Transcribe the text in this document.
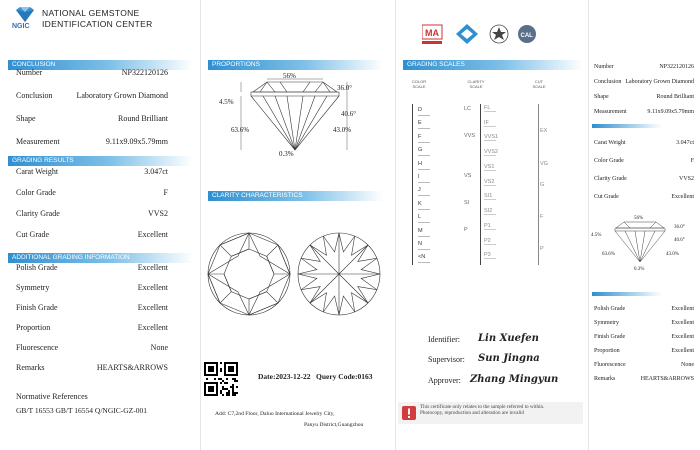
NGIC
NATIONAL GEMSTONE
IDENTIFICATION CENTER
CONCLUSION
Number	NP322120126
Conclusion	Laboratory Grown Diamond
Shape	Round Brilliant
Measurement	9.11x9.09x5.79mm
GRADING RESULTS
Carat Weight	3.047ct
Color Grade	F
Clarity Grade	VVS2
Cut Grade	Excellent
ADDITIONAL GRADING INFORMATION
Polish Grade	Excellent
Symmetry	Excellent
Finish Grade	Excellent
Proportion	Excellent
Fluorescence	None
Remarks	HEARTS&ARROWS
Normative References
GB/T 16553 GB/T 16554 Q/NGIC-GZ-001
PROPORTIONS
56%
36.0°
4.5%
40.6°
63.6%	43.0%
0.3%
CLARITY CHARACTERISTICS
Date:2023-12-22 Query Code:0163
Add: C7,2nd Floor, Daluo International Jewelry City,
Panyu District,Guangzhou
MA	CAL
GRADING SCALES
COLOR SCALE
CLARITY SCALE
CUT SCALE
D
E
F
G
H
I
J
K
L
M
N
<N
LC
VVS
VS
SI
P
FL
IF
VVS1
VVS2
VS1
VS2
SI1
SI2
P1
P2
P3
EX
VG
G
F
P
Identifier: Lin Xuefen
Supervisor: Sun Jingna
Approver: Zhang Mingyun
This certificate only relates to the sample referred to within. Photocopy, reproduction and alteration are invalid
Number	NP322120126
Conclusion Laboratory Grown Diamond
Shape	Round Brilliant
Measurement	9.11x9.09x5.79mm
Carat Weight	3.047ct
Color Grade	F
Clarity Grade	VVS2
Cut Grade	Excellent
56%
36.0°
4.5%
40.6°
63.6%	43.0%
0.3%
Polish Grade	Excellent
Symmetry	Excellent
Finish Grade	Excellent
Proportion	Excellent
Fluorescence	None
Remarks	HEARTS&ARROWS
